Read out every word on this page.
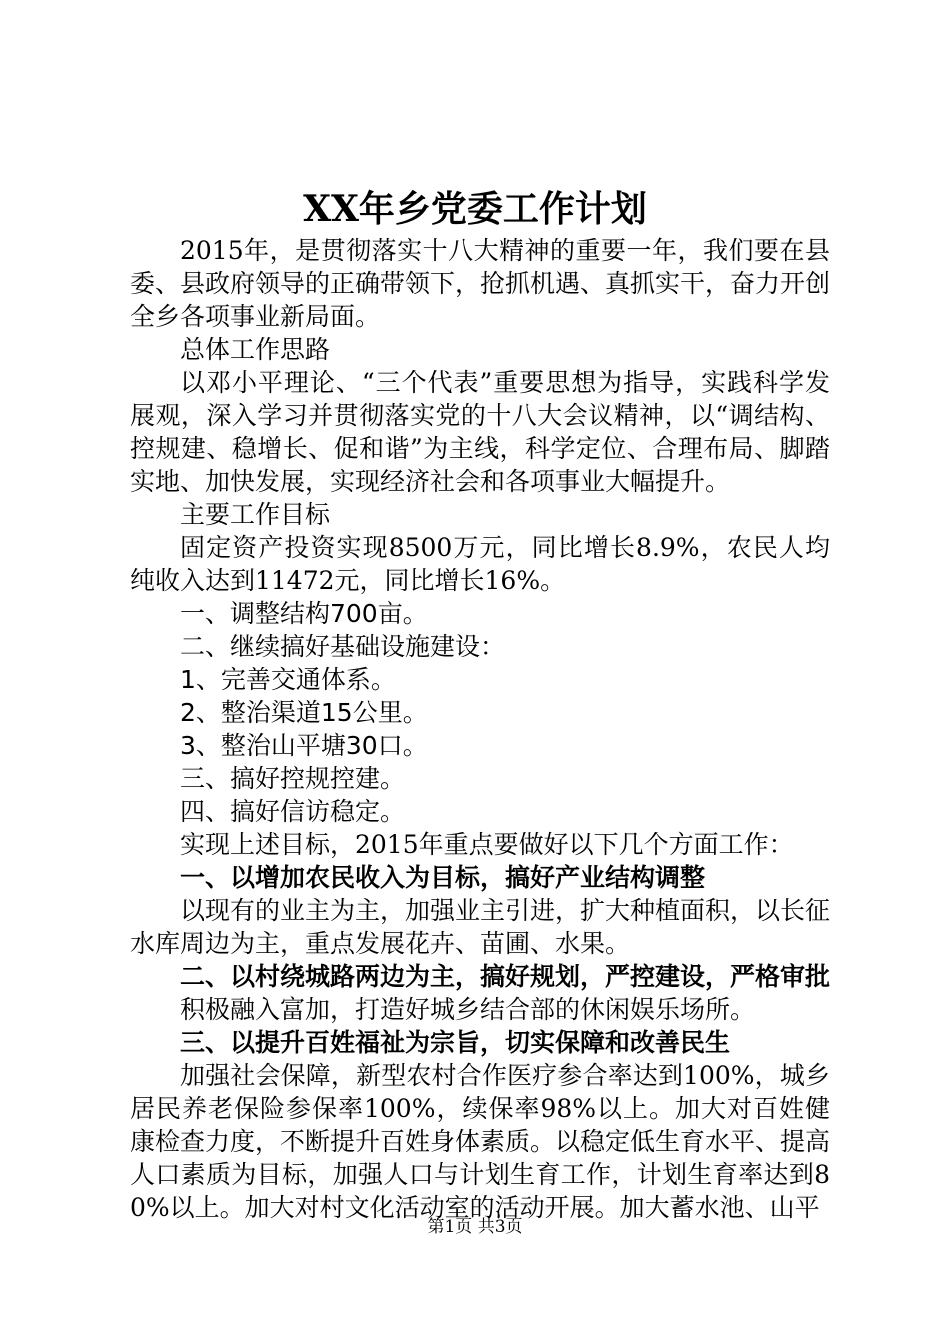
XX年乡党委工作计划

2015年，是贯彻落实十八大精神的重要一年，我们要在县委、县政府领导的正确带领下，抢抓机遇、真抓实干，奋力开创全乡各项事业新局面。

总体工作思路

以邓小平理论、“三个代表”重要思想为指导，实践科学发展观，深入学习并贯彻落实党的十八大会议精神，以“调结构、控规建、稳增长、促和谐”为主线，科学定位、合理布局、脚踏实地、加快发展，实现经济社会和各项事业大幅提升。

主要工作目标

固定资产投资实现8500万元，同比增长8.9%，农民人均纯收入达到11472元，同比增长16%。

一、调整结构700亩。

二、继续搞好基础设施建设：

1、完善交通体系。

2、整治渠道15公里。

3、整治山平塘30口。

三、搞好控规控建。

四、搞好信访稳定。

实现上述目标，2015年重点要做好以下几个方面工作：

一、以增加农民收入为目标，搞好产业结构调整

以现有的业主为主，加强业主引进，扩大种植面积，以长征水库周边为主，重点发展花卉、苗圃、水果。

二、以村绕城路两边为主，搞好规划，严控建设，严格审批

积极融入富加，打造好城乡结合部的休闲娱乐场所。

三、以提升百姓福祉为宗旨，切实保障和改善民生

加强社会保障，新型农村合作医疗参合率达到100%，城乡居民养老保险参保率100%，续保率98%以上。加大对百姓健康检查力度，不断提升百姓身体素质。以稳定低生育水平、提高人口素质为目标，加强人口与计划生育工作，计划生育率达到80%以上。加大对村文化活动室的活动开展。加大蓄水池、山平

第1页 共3页
